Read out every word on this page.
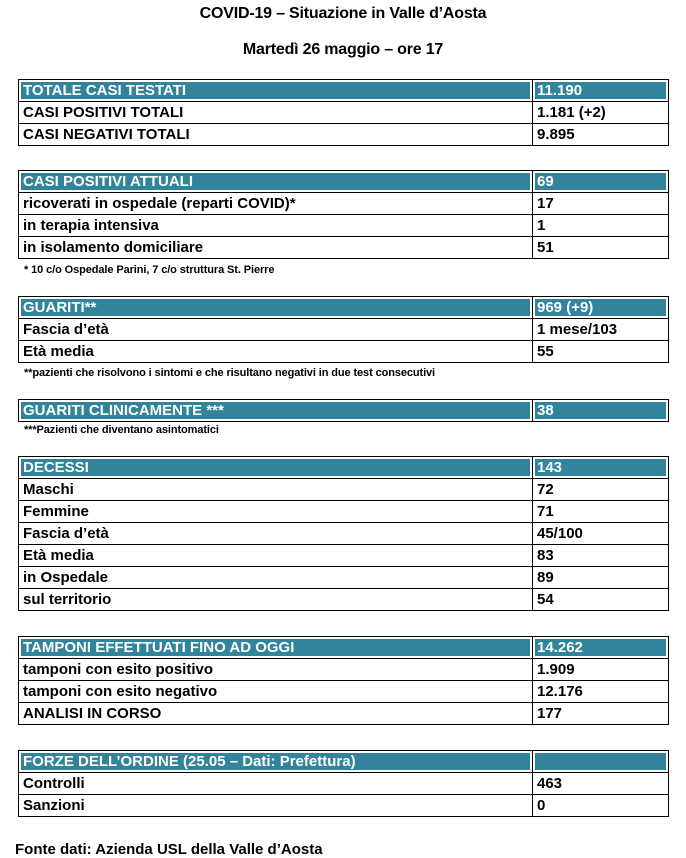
COVID-19 – Situazione in Valle d’Aosta
Martedì 26 maggio – ore 17
TOTALE CASI TESTATI	11.190
CASI POSITIVI TOTALI	1.181 (+2)
CASI NEGATIVI TOTALI	9.895
CASI POSITIVI ATTUALI	69
ricoverati in ospedale (reparti COVID)*	17
in terapia intensiva	1
in isolamento domiciliare	51
* 10 c/o Ospedale Parini, 7 c/o struttura St. Pierre
GUARITI**	969 (+9)
Fascia d’età	1 mese/103
Età media	55
**pazienti che risolvono i sintomi e che risultano negativi in due test consecutivi
GUARITI CLINICAMENTE ***	38
***Pazienti che diventano asintomatici
DECESSI	143
Maschi	72
Femmine	71
Fascia d’età	45/100
Età media	83
in Ospedale	89
sul territorio	54
TAMPONI EFFETTUATI FINO AD OGGI	14.262
tamponi con esito positivo	1.909
tamponi con esito negativo	12.176
ANALISI IN CORSO	177
FORZE DELL’ORDINE (25.05 – Dati: Prefettura)	
Controlli	463
Sanzioni	0
Fonte dati: Azienda USL della Valle d’Aosta
